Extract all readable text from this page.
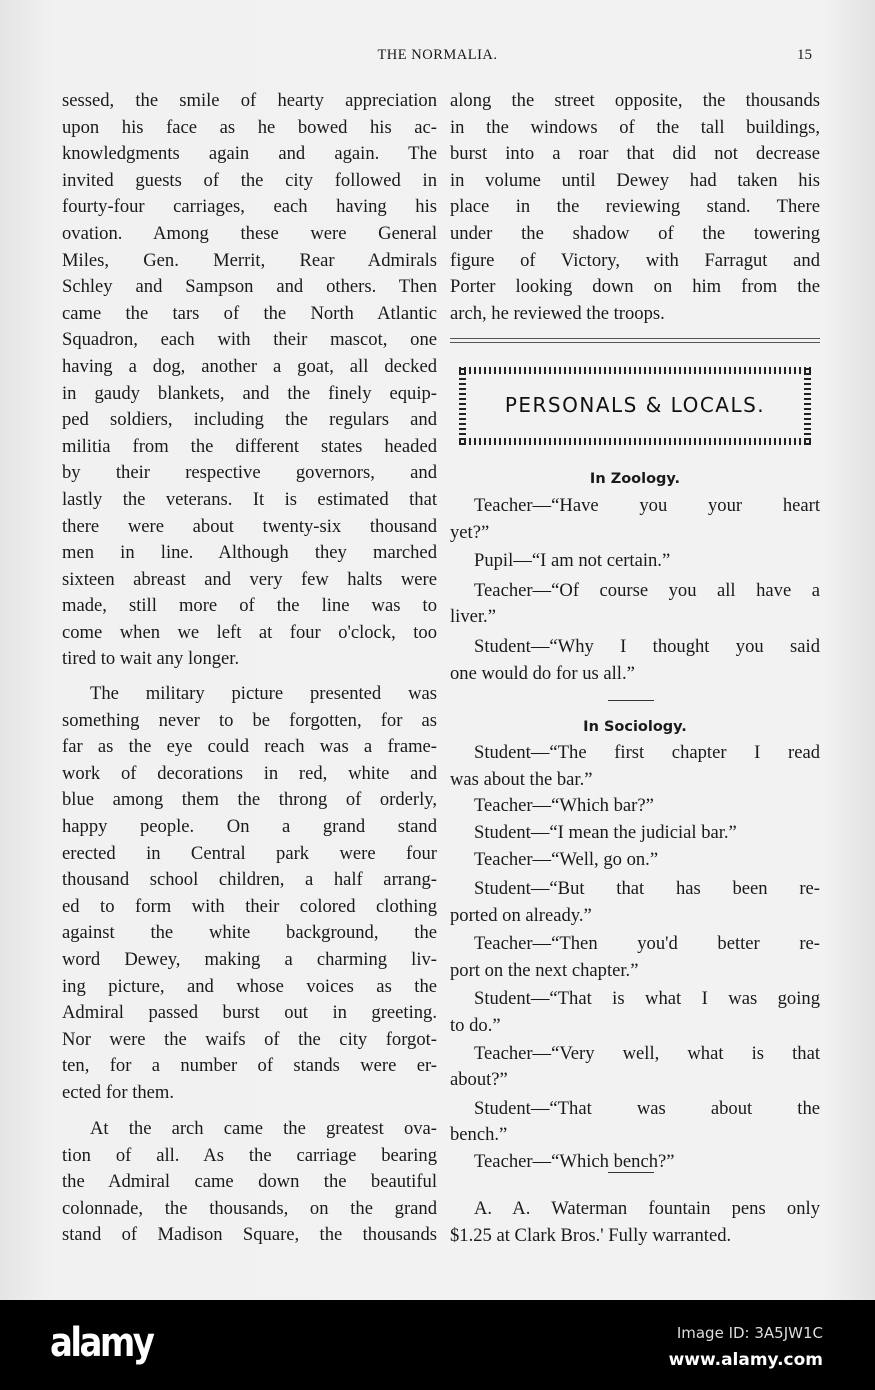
THE NORMALIA.	15
sessed, the smile of hearty appreciation
upon his face as he bowed his ac-
knowledgments again and again. The
invited guests of the city followed in
fourty-four carriages, each having his
ovation. Among these were General
Miles, Gen. Merrit, Rear Admirals
Schley and Sampson and others. Then
came the tars of the North Atlantic
Squadron, each with their mascot, one
having a dog, another a goat, all decked
in gaudy blankets, and the finely equip-
ped soldiers, including the regulars and
militia from the different states headed
by their respective governors, and
lastly the veterans. It is estimated that
there were about twenty-six thousand
men in line. Although they marched
sixteen abreast and very few halts were
made, still more of the line was to
come when we left at four o'clock, too
tired to wait any longer.
The military picture presented was
something never to be forgotten, for as
far as the eye could reach was a frame-
work of decorations in red, white and
blue among them the throng of orderly,
happy people. On a grand stand
erected in Central park were four
thousand school children, a half arrang-
ed to form with their colored clothing
against the white background, the
word Dewey, making a charming liv-
ing picture, and whose voices as the
Admiral passed burst out in greeting.
Nor were the waifs of the city forgot-
ten, for a number of stands were er-
ected for them.
At the arch came the greatest ova-
tion of all. As the carriage bearing
the Admiral came down the beautiful
colonnade, the thousands, on the grand
stand of Madison Square, the thousands
along the street opposite, the thousands
in the windows of the tall buildings,
burst into a roar that did not decrease
in volume until Dewey had taken his
place in the reviewing stand. There
under the shadow of the towering
figure of Victory, with Farragut and
Porter looking down on him from the
arch, he reviewed the troops.
PERSONALS & LOCALS.
In Zoology.
Teacher—“Have you your heart
yet?”
Pupil—“I am not certain.”
Teacher—“Of course you all have a
liver.”
Student—“Why I thought you said
one would do for us all.”
In Sociology.
Student—“The first chapter I read
was about the bar.”
Teacher—“Which bar?”
Student—“I mean the judicial bar.”
Teacher—“Well, go on.”
Student—“But that has been re-
ported on already.”
Teacher—“Then you'd better re-
port on the next chapter.”
Student—“That is what I was going
to do.”
Teacher—“Very well, what is that
about?”
Student—“That was about the
bench.”
Teacher—“Which bench?”
A. A. Waterman fountain pens only
$1.25 at Clark Bros.' Fully warranted.
alamy	Image ID: 3A5JW1C
www.alamy.com
